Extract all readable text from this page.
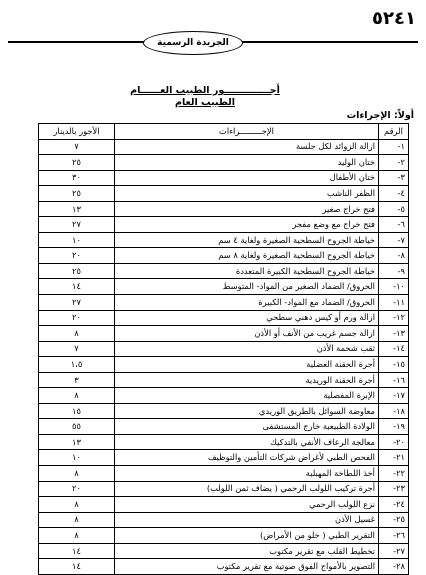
٥٢٤١
الجريدة الرسمية
أجــــــــــــــور الطبيب العــــــام
الطبيب العام
أولاً: الإجراءات
الرقم	الإجـــــــــراءات	الأجور بالدينار
١-	ازالة الزوائد لكل جلسة	٧
٢-	ختان الوليد	٢٥
٣-	ختان الأطفال	٣٠
٤-	الظفر الناشب	٢٥
٥-	فتح خراج صغير	١٣
٦-	فتح خراج مع وضع مفجر	٢٧
٧-	خياطة الجروح السطحية الصغيرة ولغاية ٤ سم	١٠
٨-	خياطة الجروح السطحية الصغيرة ولغاية ٨ سم	٢٠
٩-	خياطة الجروح السطحية الكبيرة المتعددة	٢٥
١٠-	الحروق/ الضماد الصغير من المواد- المتوسط	١٤
١١-	الحروق/ الضماد مع المواد- الكبيرة	٢٧
١٢-	ازالة ورم أو كيس دهني سطحي	٢٠
١٣-	ازالة جسم غريب من الأنف أو الأذن	٨
١٤-	ثقب شحمة الأذن	٧
١٥-	أجرة الحقنة العضلية	١،٥
١٦-	أجرة الحقنة الوريدية	٣
١٧-	الإبرة المفصلية	٨
١٨-	معاوضة السوائل بالطريق الوريدي	١٥
١٩-	الولادة الطبيعية خارج المستشفى	٥٥
٢٠-	معالجة الرعاف الأنفي بالتدكيك	١٣
٢١-	الفحص الطبي لأغراض شركات التأمين والتوظيف	١٠
٢٢-	أخذ اللطاخة المهبلية	٨
٢٣-	أجرة تركيب اللولب الرحمي ( يضاف ثمن اللولب)	٢٠
٢٤-	نزع اللولب الرحمي	٨
٢٥-	غسيل الأذن	٨
٢٦-	التقرير الطبي ( خلو من الأمراض)	٨
٢٧-	تخطيط القلب مع تقرير مكتوب	١٤
٢٨-	التصوير بالأمواج الفوق صوتية مع تقرير مكتوب	١٤
